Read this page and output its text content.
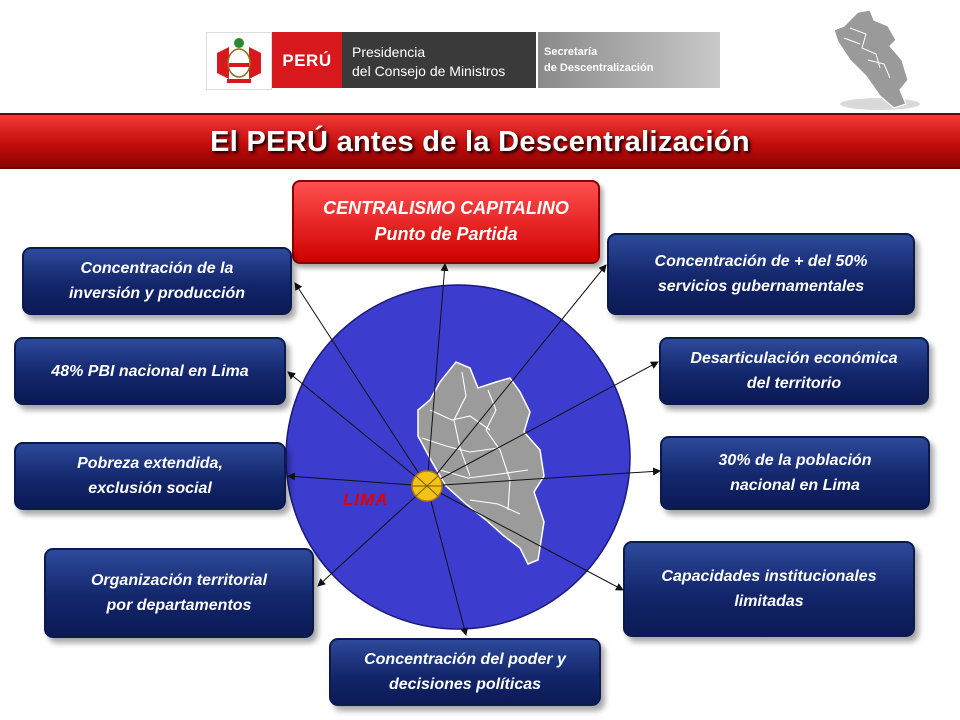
PERÚ	Presidencia
del Consejo de Ministros
Secretaría
de Descentralización
El PERÚ antes de la Descentralización
LIMA
CENTRALISMO CAPITALINO
Punto de Partida
Concentración de la
inversión y producción
48% PBI nacional en Lima
Pobreza extendida,
exclusión social
Organización territorial
por departamentos
Concentración del poder y
decisiones políticas
Capacidades institucionales
limitadas
30% de la población
nacional en Lima
Desarticulación económica
del territorio
Concentración de + del 50%
servicios gubernamentales
